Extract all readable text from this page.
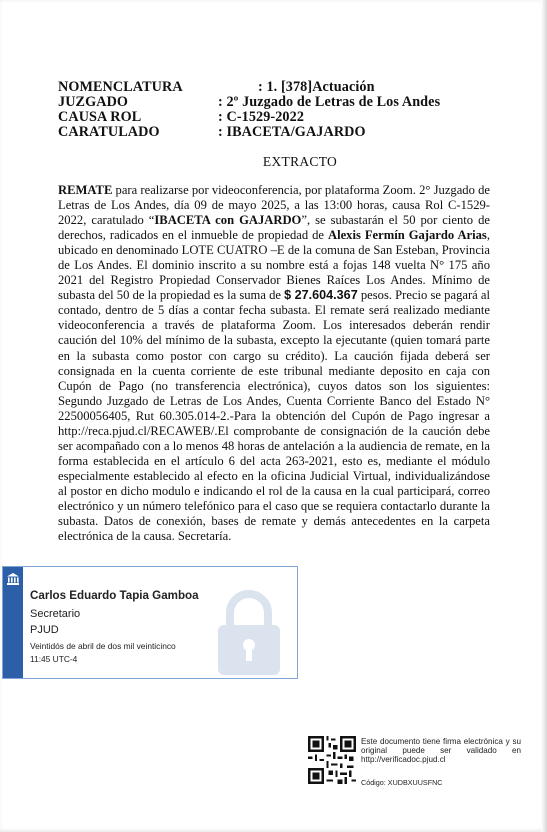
NOMENCLATURA	: 1. [378]Actuación
JUZGADO	: 2º Juzgado de Letras de Los Andes
CAUSA ROL	: C-1529-2022
CARATULADO	: IBACETA/GAJARDO
EXTRACTO
REMATE para realizarse por videoconferencia, por plataforma Zoom. 2° Juzgado de Letras de Los Andes, día 09 de mayo 2025, a las 13:00 horas, causa Rol C-1529-2022, caratulado “IBACETA con GAJARDO”, se subastarán el 50 por ciento de derechos, radicados en el inmueble de propiedad de Alexis Fermín Gajardo Arias, ubicado en denominado LOTE CUATRO –E de la comuna de San Esteban, Provincia de Los Andes. El dominio inscrito a su nombre está a fojas 148 vuelta N° 175 año 2021 del Registro Propiedad Conservador Bienes Raíces Los Andes. Mínimo de subasta del 50 de la propiedad es la suma de $ 27.604.367 pesos. Precio se pagará al contado, dentro de 5 días a contar fecha subasta. El remate será realizado mediante videoconferencia a través de plataforma Zoom. Los interesados deberán rendir caución del 10% del mínimo de la subasta, excepto la ejecutante (quien tomará parte en la subasta como postor con cargo su crédito). La caución fijada deberá ser consignada en la cuenta corriente de este tribunal mediante deposito en caja con Cupón de Pago (no transferencia electrónica), cuyos datos son los siguientes: Segundo Juzgado de Letras de Los Andes, Cuenta Corriente Banco del Estado N° 22500056405, Rut 60.305.014-2.-Para la obtención del Cupón de Pago ingresar a http://reca.pjud.cl/RECAWEB/.El comprobante de consignación de la caución debe ser acompañado con a lo menos 48 horas de antelación a la audiencia de remate, en la forma establecida en el artículo 6 del acta 263-2021, esto es, mediante el módulo especialmente establecido al efecto en la oficina Judicial Virtual, individualizándose al postor en dicho modulo e indicando el rol de la causa en la cual participará, correo electrónico y un número telefónico para el caso que se requiera contactarlo durante la subasta. Datos de conexión, bases de remate y demás antecedentes en la carpeta electrónica de la causa. Secretaría.
Carlos Eduardo Tapia Gamboa
Secretario
PJUD
Veintidós de abril de dos mil veinticinco
11:45 UTC-4
Este documento tiene firma electrónica y su original puede ser validado en http://verificadoc.pjud.cl
Código: XUDBXUUSFNC
